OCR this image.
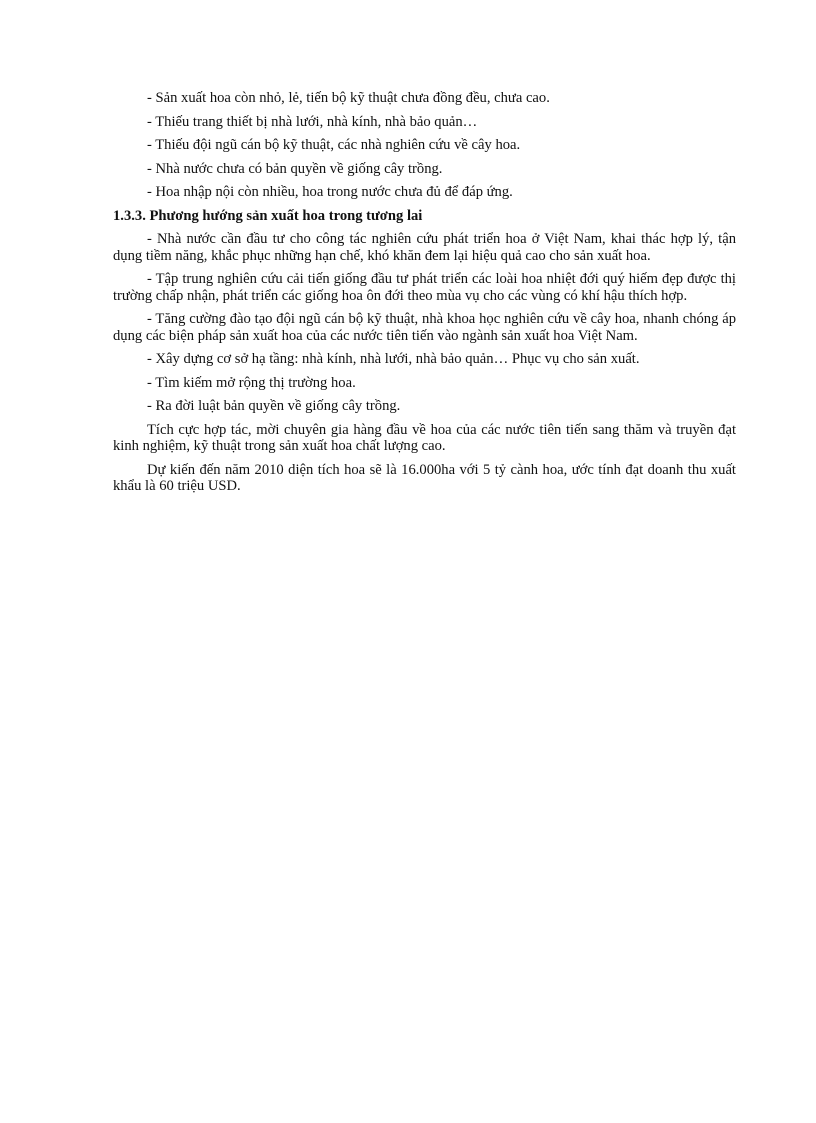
- Sản xuất hoa còn nhỏ, lẻ, tiến bộ kỹ thuật chưa đồng đều, chưa cao.

- Thiếu trang thiết bị nhà lưới, nhà kính, nhà bảo quản…

- Thiếu đội ngũ cán bộ kỹ thuật, các nhà nghiên cứu về cây hoa.

- Nhà nước chưa có bản quyền về giống cây trồng.

- Hoa nhập nội còn nhiều, hoa trong nước chưa đủ để đáp ứng.

1.3.3. Phương hướng sản xuất hoa trong tương lai

- Nhà nước cần đầu tư cho công tác nghiên cứu phát triển hoa ở Việt Nam, khai thác hợp lý, tận dụng tiềm năng, khắc phục những hạn chế, khó khăn đem lại hiệu quả cao cho sản xuất hoa.

- Tập trung nghiên cứu cải tiến giống đầu tư phát triển các loài hoa nhiệt đới quý hiếm đẹp được thị trường chấp nhận, phát triển các giống hoa ôn đới theo mùa vụ cho các vùng có khí hậu thích hợp.

- Tăng cường đào tạo đội ngũ cán bộ kỹ thuật, nhà khoa học nghiên cứu về cây hoa, nhanh chóng áp dụng các biện pháp sản xuất hoa của các nước tiên tiến vào ngành sản xuất hoa Việt Nam.

- Xây dựng cơ sở hạ tầng: nhà kính, nhà lưới, nhà bảo quản… Phục vụ cho sản xuất.

- Tìm kiếm mở rộng thị trường hoa.

- Ra đời luật bản quyền về giống cây trồng.

Tích cực hợp tác, mời chuyên gia hàng đầu về hoa của các nước tiên tiến sang thăm và truyền đạt kinh nghiệm, kỹ thuật trong sản xuất hoa chất lượng cao.

Dự kiến đến năm 2010 diện tích hoa sẽ là 16.000ha với 5 tỷ cành hoa, ước tính đạt doanh thu xuất khẩu là 60 triệu USD.
